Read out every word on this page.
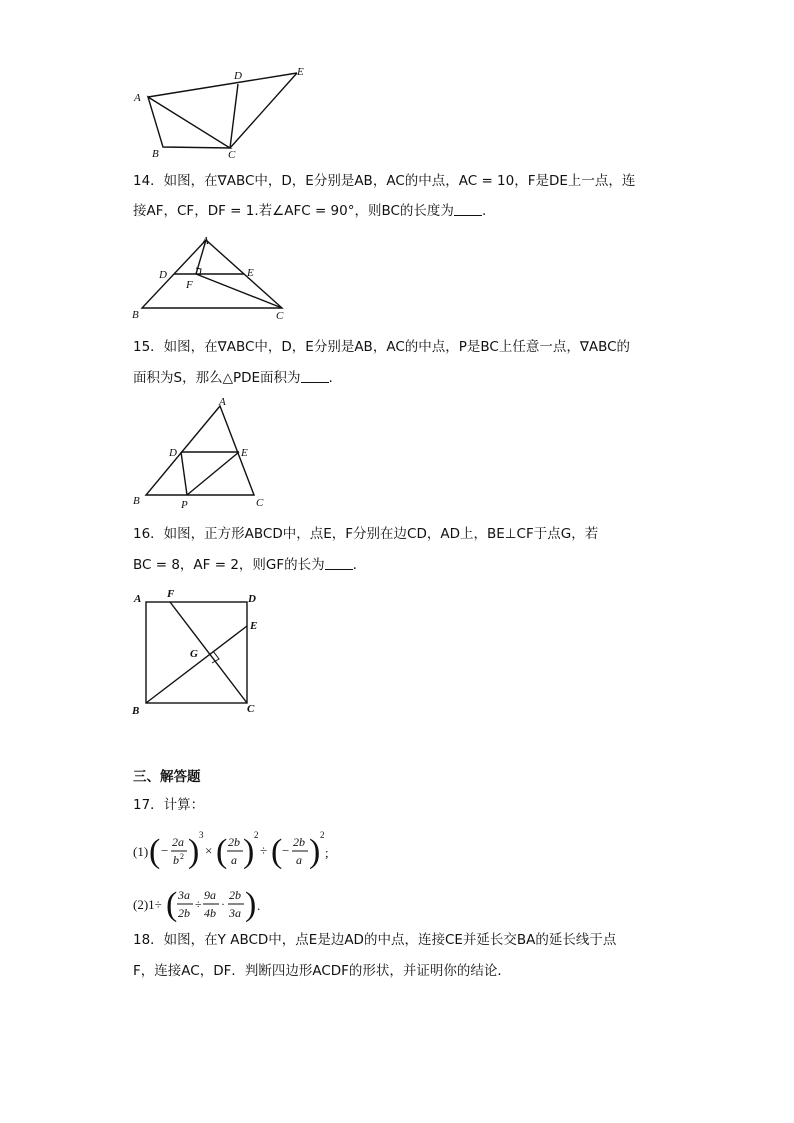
A
B	C
D	E
14．如图，在∇ABC中，D，E分别是AB，AC的中点，AC = 10，F是DE上一点，连
接AF，CF，DF = 1.若∠AFC = 90°，则BC的长度为 .
A
B	C
D	E
F
15．如图，在∇ABC中，D，E分别是AB，AC的中点，P是BC上任意一点，∇ABC的
面积为S，那么△PDE面积为 .
A
B	C
D	E
P
16．如图，正方形ABCD中，点E，F分别在边CD，AD上，BE⊥CF于点G，若
BC = 8，AF = 2，则GF的长为 .
A
B	C
D
E
F
G
三、解答题
17．计算：
(1) ( −
2a
b 2 ) 3
× ( 2b
a ) 2
÷ ( −
2b
a ) 2
;
(2)1÷ ( 3a
2b
÷
9a
4b
·
2b
3a ) .
18．如图，在Y ABCD中，点E是边AD的中点，连接CE并延长交BA的延长线于点
F，连接AC，DF．判断四边形ACDF的形状，并证明你的结论．
